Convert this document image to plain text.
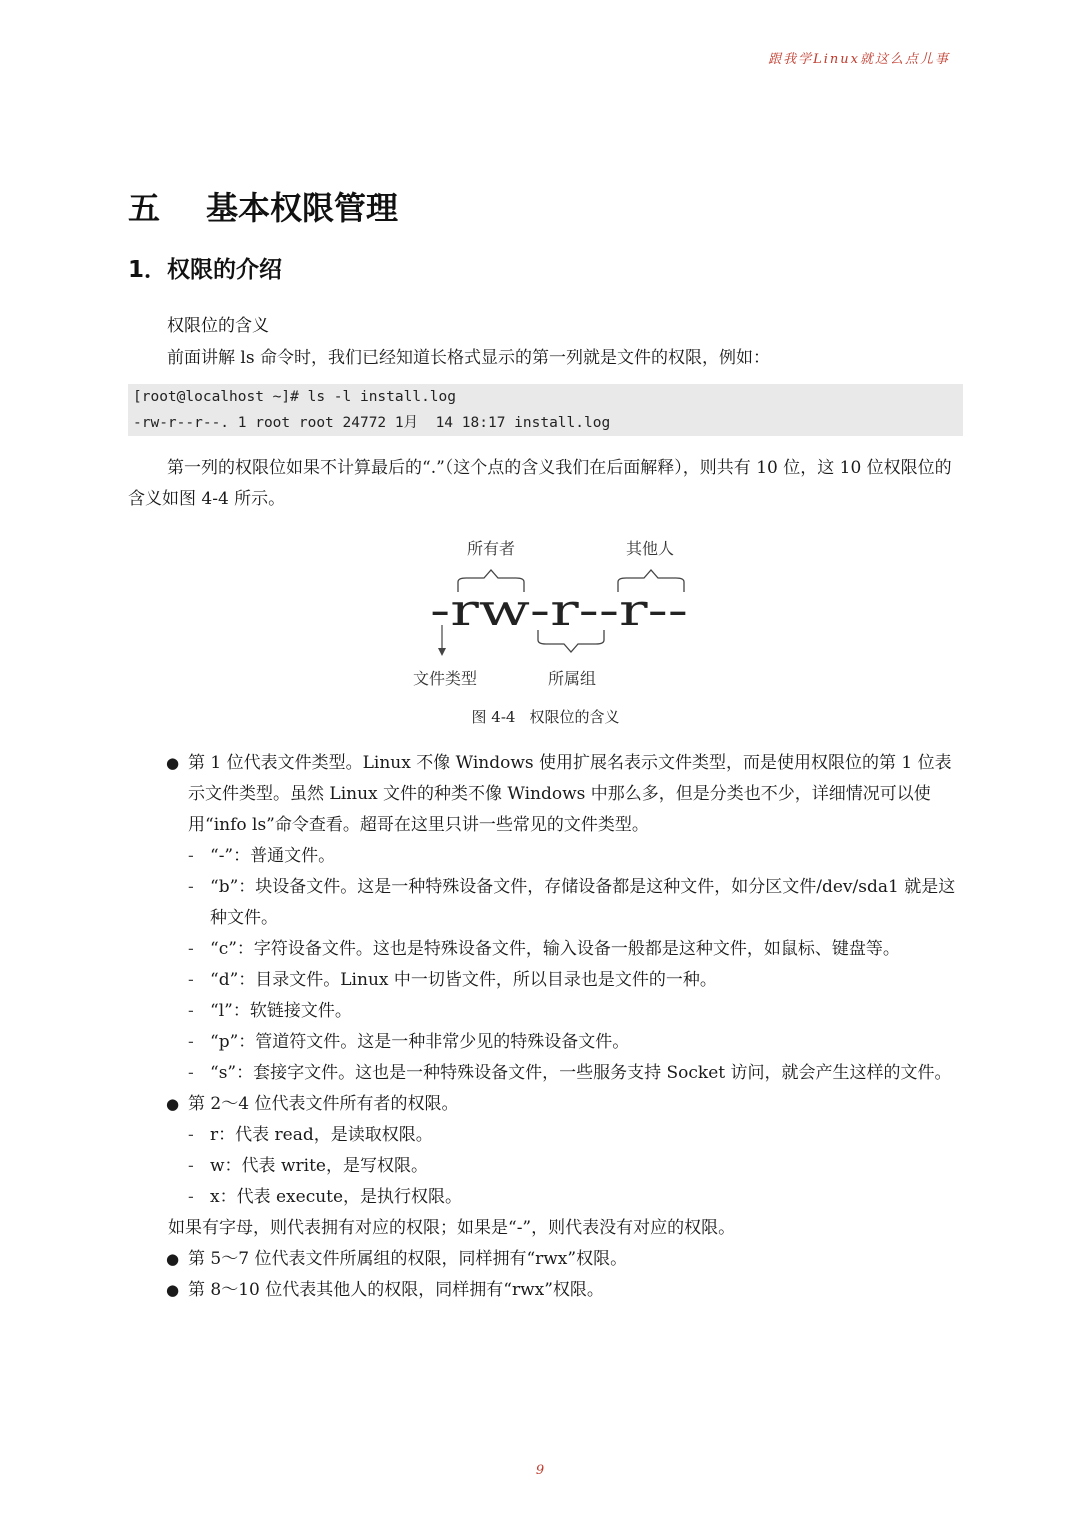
跟我学Linux就这么点儿事
五 基本权限管理
1．权限的介绍
权限位的含义
前面讲解 ls 命令时，我们已经知道长格式显示的第一列就是文件的权限，例如：
[root@localhost ~]# ls -l install.log
-rw-r--r--. 1 root root 24772 1月  14 18:17 install.log
第一列的权限位如果不计算最后的“.”（这个点的含义我们在后面解释），则共有 10 位，这 10 位权限位的含义如图 4-4 所示。
所有者	其他人
-rw-r--r--
文件类型	所属组
图 4-4 权限位的含义
● 第 1 位代表文件类型。Linux 不像 Windows 使用扩展名表示文件类型，而是使用权限位的第 1 位表示文件类型。虽然 Linux 文件的种类不像 Windows 中那么多，但是分类也不少，详细情况可以使用“info ls”命令查看。超哥在这里只讲一些常见的文件类型。
- “-”：普通文件。
- “b”：块设备文件。这是一种特殊设备文件，存储设备都是这种文件，如分区文件/dev/sda1 就是这种文件。
- “c”：字符设备文件。这也是特殊设备文件，输入设备一般都是这种文件，如鼠标、键盘等。
- “d”：目录文件。Linux 中一切皆文件，所以目录也是文件的一种。
- “l”：软链接文件。
- “p”：管道符文件。这是一种非常少见的特殊设备文件。
- “s”：套接字文件。这也是一种特殊设备文件，一些服务支持 Socket 访问，就会产生这样的文件。
● 第 2～4 位代表文件所有者的权限。
- r：代表 read，是读取权限。
- w：代表 write，是写权限。
- x：代表 execute，是执行权限。
如果有字母，则代表拥有对应的权限；如果是“-”，则代表没有对应的权限。
● 第 5～7 位代表文件所属组的权限，同样拥有“rwx”权限。
● 第 8～10 位代表其他人的权限，同样拥有“rwx”权限。
9
